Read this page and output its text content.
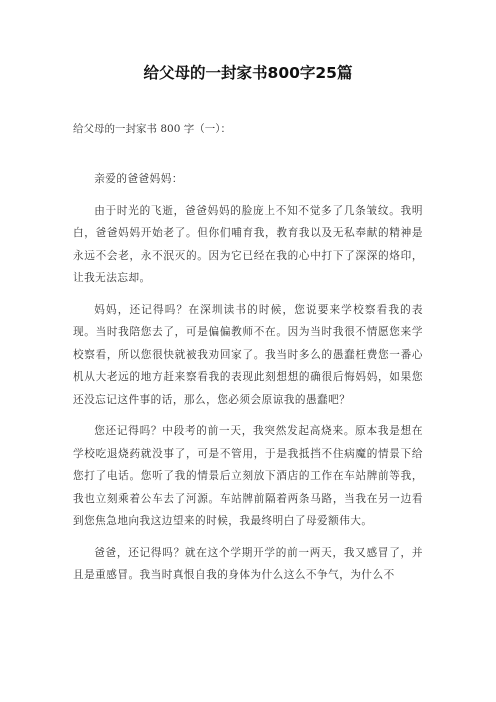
给父母的一封家书800字25篇

给父母的一封家书 800 字（一）：

亲爱的爸爸妈妈：

由于时光的飞逝，爸爸妈妈的脸庞上不知不觉多了几条皱纹。我明白，爸爸妈妈开始老了。但你们哺育我，教育我以及无私奉献的精神是永远不会老，永不泯灭的。因为它已经在我的心中打下了深深的烙印，让我无法忘却。

妈妈，还记得吗？在深圳读书的时候，您说要来学校察看我的表现。当时我陪您去了，可是偏偏教师不在。因为当时我很不情愿您来学校察看，所以您很快就被我劝回家了。我当时多么的愚蠢枉费您一番心机从大老远的地方赶来察看我的表现此刻想想的确很后悔妈妈，如果您还没忘记这件事的话，那么，您必须会原谅我的愚蠢吧？

您还记得吗？中段考的前一天，我突然发起高烧来。原本我是想在学校吃退烧药就没事了，可是不管用，于是我抵挡不住病魔的情景下给您打了电话。您听了我的情景后立刻放下酒店的工作在车站牌前等我，我也立刻乘着公车去了河源。车站牌前隔着两条马路，当我在另一边看到您焦急地向我这边望来的时候，我最终明白了母爱额伟大。

爸爸，还记得吗？就在这个学期开学的前一两天，我又感冒了，并且是重感冒。我当时真恨自我的身体为什么这么不争气，为什么不
